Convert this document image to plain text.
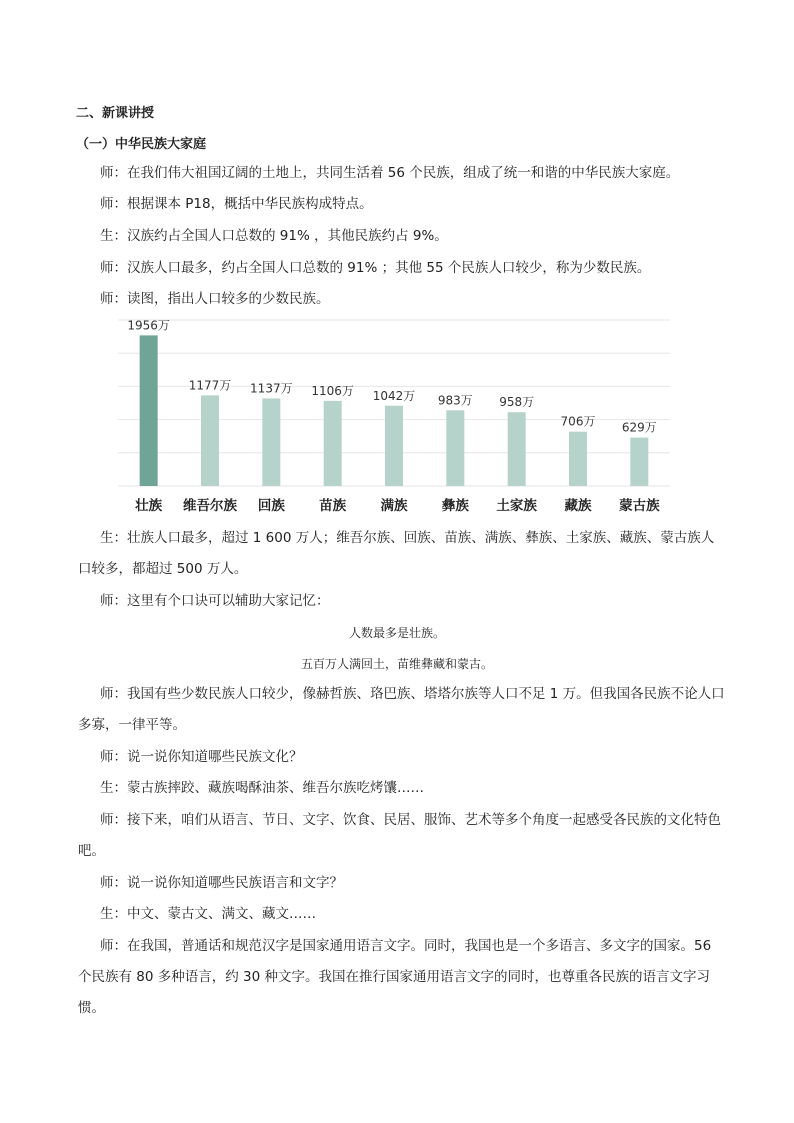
二、新课讲授
（一）中华民族大家庭

师：在我们伟大祖国辽阔的土地上，共同生活着 56 个民族，组成了统一和谐的中华民族大家庭。

师：根据课本 P18，概括中华民族构成特点。

生：汉族约占全国人口总数的 91% ，其他民族约占 9%。

师：汉族人口最多，约占全国人口总数的 91% ；其他 55 个民族人口较少，称为少数民族。

师：读图，指出人口较多的少数民族。

1956万
壮族
1177万
维吾尔族
1137万
回族
1106万
苗族
1042万
满族
983万
彝族
958万
土家族
706万
藏族
629万
蒙古族

生：壮族人口最多，超过 1 600 万人；维吾尔族、回族、苗族、满族、彝族、土家族、藏族、蒙古族人口较多，都超过 500 万人。

师：这里有个口诀可以辅助大家记忆：

人数最多是壮族。
五百万人满回土，苗维彝藏和蒙古。

师：我国有些少数民族人口较少，像赫哲族、珞巴族、塔塔尔族等人口不足 1 万。但我国各民族不论人口多寡，一律平等。

师：说一说你知道哪些民族文化？

生：蒙古族摔跤、藏族喝酥油茶、维吾尔族吃烤馕……

师：接下来，咱们从语言、节日、文字、饮食、民居、服饰、艺术等多个角度一起感受各民族的文化特色吧。

师：说一说你知道哪些民族语言和文字？

生：中文、蒙古文、满文、藏文……

师：在我国，普通话和规范汉字是国家通用语言文字。同时，我国也是一个多语言、多文字的国家。56 个民族有 80 多种语言，约 30 种文字。我国在推行国家通用语言文字的同时，也尊重各民族的语言文字习惯。
